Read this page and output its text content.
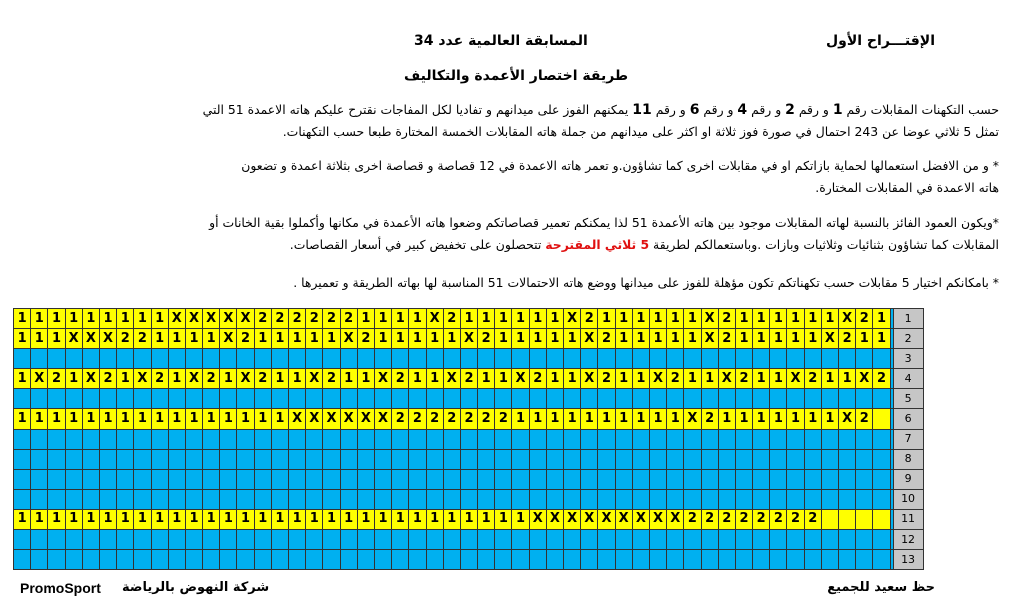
الإقتـــراح الأول
المسابقة العالمية عدد 34
طريقة اختصار الأعمدة والتكاليف
حسب التكهنات المقابلات رقم 1 و رقم 2 و رقم 4 و رقم 6 و رقم 11 يمكنهم الفوز على ميدانهم و تفاديا لكل المفاجات نقترح عليكم هاته الاعمدة 51 التي
تمثل 5 ثلاثي عوضا عن 243 احتمال في صورة فوز ثلاثة او اكثر على ميدانهم من جملة هاته المقابلات الخمسة المختارة طبعا حسب التكهنات.
* و من الافضل استعمالها لحماية بازاتكم او في مقابلات اخرى كما تشاؤون.و تعمر هاته الاعمدة في 12 قصاصة و قصاصة اخرى بثلاثة اعمدة و تضعون
هاته الاعمدة في المقابلات المختارة.
*ويكون العمود الفائز بالنسبة لهاته المقابلات موجود بين هاته الأعمدة 51 لذا يمكنكم تعمير قصاصاتكم وضعوا هاته الأعمدة في مكانها وأكملوا بقية الخانات أو
المقابلات كما تشاؤون بثنائيات وثلاثيات وبازات .وباستعمالكم لطريقة 5 ثلاثي المقترحة تتحصلون على تخفيض كبير في أسعار القصاصات.
* بامكانكم اختيار 5 مقابلات حسب تكهناتكم تكون مؤهلة للفوز على ميدانها ووضع هاته الاحتمالات 51 المناسبة لها بهاته الطريقة و تعميرها .
1	1	1	1	1	1	1	1	1	X	X	X	X	X	2	2	2	2	2	2	1	1	1	1	X	2	1	1	1	1	1	1	X	2	1	1	1	1	1	1	X	2	1	1	1	1	1	1	X	2	1		1
1	1	1	X	X	X	2	2	1	1	1	1	X	2	1	1	1	1	1	X	2	1	1	1	1	1	X	2	1	1	1	1	1	X	2	1	1	1	1	1	X	2	1	1	1	1	1	X	2	1	1		2
																																																				3
1	X	2	1	X	2	1	X	2	1	X	2	1	X	2	1	1	X	2	1	1	X	2	1	1	X	2	1	1	X	2	1	1	X	2	1	1	X	2	1	1	X	2	1	1	X	2	1	1	X	2		4
																																																				5
1	1	1	1	1	1	1	1	1	1	1	1	1	1	1	1	X	X	X	X	X	X	2	2	2	2	2	2	2	1	1	1	1	1	1	1	1	1	1	X	2	1	1	1	1	1	1	1	X	2			6
																																																				7
																																																				8
																																																				9
																																																				10
1	1	1	1	1	1	1	1	1	1	1	1	1	1	1	1	1	1	1	1	1	1	1	1	1	1	1	1	1	1	X	X	X	X	X	X	X	X	X	2	2	2	2	2	2	2	2						11
																																																				12
																																																				13
PromoSport شركة النهوض بالرياضة	حظ سعيد للجميع
